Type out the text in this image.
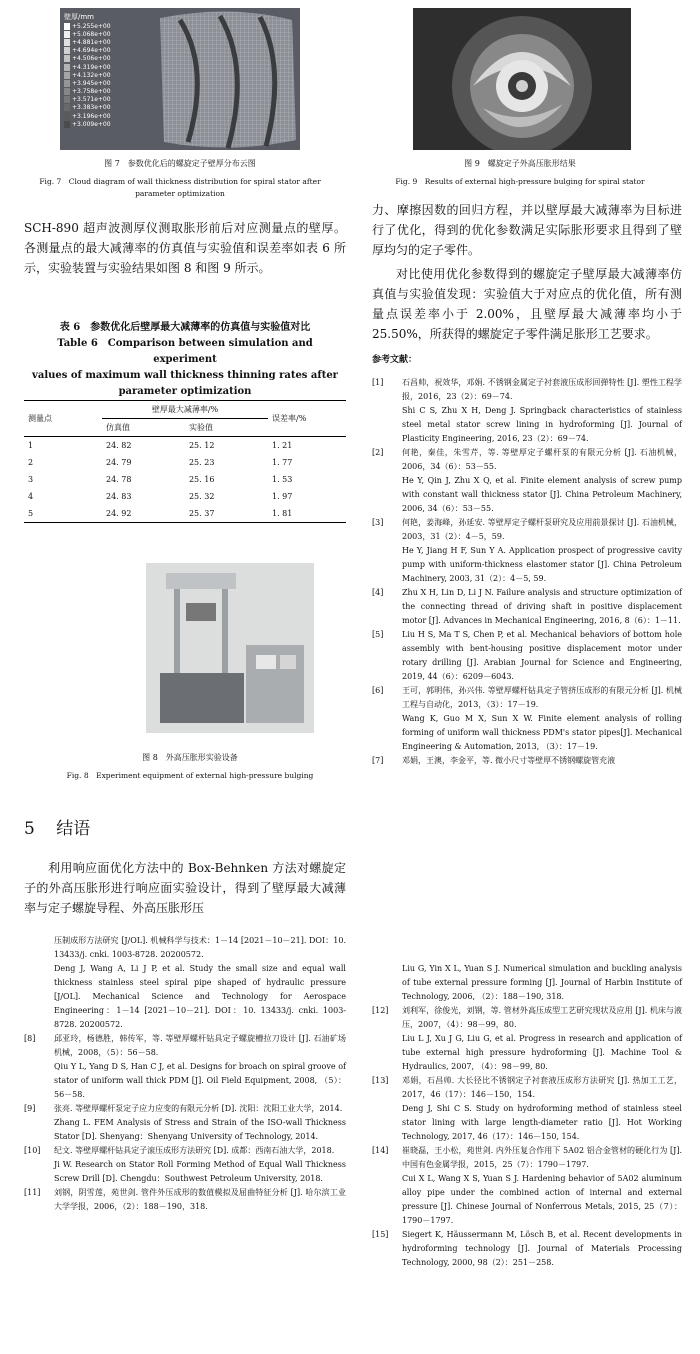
壁厚/mm
+5.255e+00
+5.068e+00
+4.881e+00
+4.694e+00
+4.506e+00
+4.319e+00
+4.132e+00
+3.945e+00
+3.758e+00
+3.571e+00
+3.383e+00
+3.196e+00
+3.009e+00
图 7　参数优化后的螺旋定子壁厚分布云图
Fig. 7　Cloud diagram of wall thickness distribution for spiral stator after parameter optimization
图 9　螺旋定子外高压胀形结果
Fig. 9　Results of external high-pressure bulging for spiral stator
SCH-890 超声波测厚仪测取胀形前后对应测量点的壁厚。各测量点的最大减薄率的仿真值与实验值和误差率如表 6 所示，实验装置与实验结果如图 8 和图 9 所示。
表 6　参数优化后壁厚最大减薄率的仿真值与实验值对比
Table 6　Comparison between simulation and experiment
values of maximum wall thickness thinning rates after
parameter optimization
测量点	壁厚最大减薄率/%		误差率/%
	仿真值	实验值	
1	24. 82	25. 12	1. 21
2	24. 79	25. 23	1. 77
3	24. 78	25. 16	1. 53
4	24. 83	25. 32	1. 97
5	24. 92	25. 37	1. 81
图 8　外高压胀形实验设备
Fig. 8　Experiment equipment of external high-pressure bulging
5 结语
利用响应面优化方法中的 Box-Behnken 方法对螺旋定子的外高压胀形进行响应面实验设计，得到了壁厚最大减薄率与定子螺旋导程、外高压胀形压
压制成形方法研究 [J/OL]. 机械科学与技术：1－14 [2021－10－21]. DOI：10. 13433/j. cnki. 1003-8728. 20200572.
Deng J, Wang A, Li J P, et al. Study the small size and equal wall thickness stainless steel spiral pipe shaped of hydraulic pressure [J/OL]. Mechanical Science and Technology for Aerospace Engineering：1－14 [2021－10－21]. DOI：10. 13433/j. cnki. 1003-8728. 20200572.
[8]	邱亚玲，杨德胜，韩传军，等. 等壁厚螺杆钻具定子螺旋槽拉刀设计 [J]. 石油矿场机械，2008，（5）：56－58.
Qiu Y L, Yang D S, Han C J, et al. Designs for broach on spiral groove of stator of uniform wall thick PDM [J]. Oil Field Equipment, 2008, （5）：56－58.
[9]	张亮. 等壁厚螺杆泵定子应力应变的有限元分析 [D]. 沈阳：沈阳工业大学，2014.
Zhang L. FEM Analysis of Stress and Strain of the ISO-wall Thickness Stator [D]. Shenyang：Shenyang University of Technology, 2014.
[10]	纪文. 等壁厚螺杆钻具定子滚压成形方法研究 [D]. 成都：西南石油大学，2018.
Ji W. Research on Stator Roll Forming Method of Equal Wall Thickness Screw Drill [D]. Chengdu：Southwest Petroleum University, 2018.
[11]	刘钢，阴雪莲，苑世剑. 管件外压成形的数值模拟及屈曲特征分析 [J]. 哈尔滨工业大学学报，2006，（2）：188－190，318.
力、摩擦因数的回归方程，并以壁厚最大减薄率为目标进行了优化，得到的优化参数满足实际胀形要求且得到了壁厚均匀的定子零件。
对比使用优化参数得到的螺旋定子壁厚最大减薄率仿真值与实验值发现：实验值大于对应点的优化值，所有测量点误差率小于 2.00%，且壁厚最大减薄率均小于 25.50%，所获得的螺旋定子零件满足胀形工艺要求。
参考文献：
[1]	石昌帅，祝效华，邓娟. 不锈钢金属定子衬套液压成形回弹特性 [J]. 塑性工程学报，2016，23（2）：69－74.
Shi C S, Zhu X H, Deng J. Springback characteristics of stainless steel metal stator screw lining in hydroforming [J]. Journal of Plasticity Engineering, 2016, 23（2）：69－74.
[2]	何艳，秦佳，朱雪芹，等. 等壁厚定子螺杆泵的有限元分析 [J]. 石油机械，2006，34（6）：53－55.
He Y, Qin J, Zhu X Q, et al. Finite element analysis of screw pump with constant wall thickness stator [J]. China Petroleum Machinery, 2006, 34（6）：53－55.
[3]	何艳，姜海峰，孙延安. 等壁厚定子螺杆泵研究及应用前景探讨 [J]. 石油机械，2003，31（2）：4－5，59.
He Y, Jiang H F, Sun Y A. Application prospect of progressive cavity pump with uniform-thickness elastomer stator [J]. China Petroleum Machinery, 2003, 31（2）：4－5, 59.
[4]	Zhu X H, Lin D, Li J N. Failure analysis and structure optimization of the connecting thread of driving shaft in positive displacement motor [J]. Advances in Mechanical Engineering, 2016, 8（6）：1－11.
[5]	Liu H S, Ma T S, Chen P, et al. Mechanical behaviors of bottom hole assembly with bent-housing positive displacement motor under rotary drilling [J]. Arabian Journal for Science and Engineering, 2019, 44（6）：6209－6043.
[6]	王可，郭明伟，孙兴伟. 等壁厚螺杆钻具定子管挤压成形的有限元分析 [J]. 机械工程与自动化，2013，（3）：17－19.
Wang K, Guo M X, Sun X W. Finite element analysis of rolling forming of uniform wall thickness PDM's stator pipes[J]. Mechanical Engineering & Automation, 2013, （3）：17－19.
[7]	邓娟，王澳，李金平，等. 微小尺寸等壁厚不锈钢螺旋管充液
Liu G, Yin X L, Yuan S J. Numerical simulation and buckling analysis of tube external pressure forming [J]. Journal of Harbin Institute of Technology, 2006, （2）：188－190, 318.
[12]	刘利军，徐俊光，刘钢，等. 管材外高压成型工艺研究现状及应用 [J]. 机床与液压，2007，（4）：98－99，80.
Liu L J, Xu J G, Liu G, et al. Progress in research and application of tube external high pressure hydroforming [J]. Machine Tool & Hydraulics, 2007, （4）：98－99, 80.
[13]	邓娟，石昌帅. 大长径比不锈钢定子衬套液压成形方法研究 [J]. 热加工工艺，2017，46（17）：146－150，154.
Deng J, Shi C S. Study on hydroforming method of stainless steel stator lining with large length-diameter ratio [J]. Hot Working Technology, 2017, 46（17）：146－150, 154.
[14]	崔晓磊，王小松，苑世剑. 内外压复合作用下 5A02 铝合金管材的硬化行为 [J]. 中国有色金属学报，2015，25（7）：1790－1797.
Cui X L, Wang X S, Yuan S J. Hardening behavior of 5A02 aluminum alloy pipe under the combined action of internal and external pressure [J]. Chinese Journal of Nonferrous Metals, 2015, 25（7）：1790－1797.
[15]	Siegert K, Häussermann M, Lösch B, et al. Recent developments in hydroforming technology [J]. Journal of Materials Processing Technology, 2000, 98（2）：251－258.
